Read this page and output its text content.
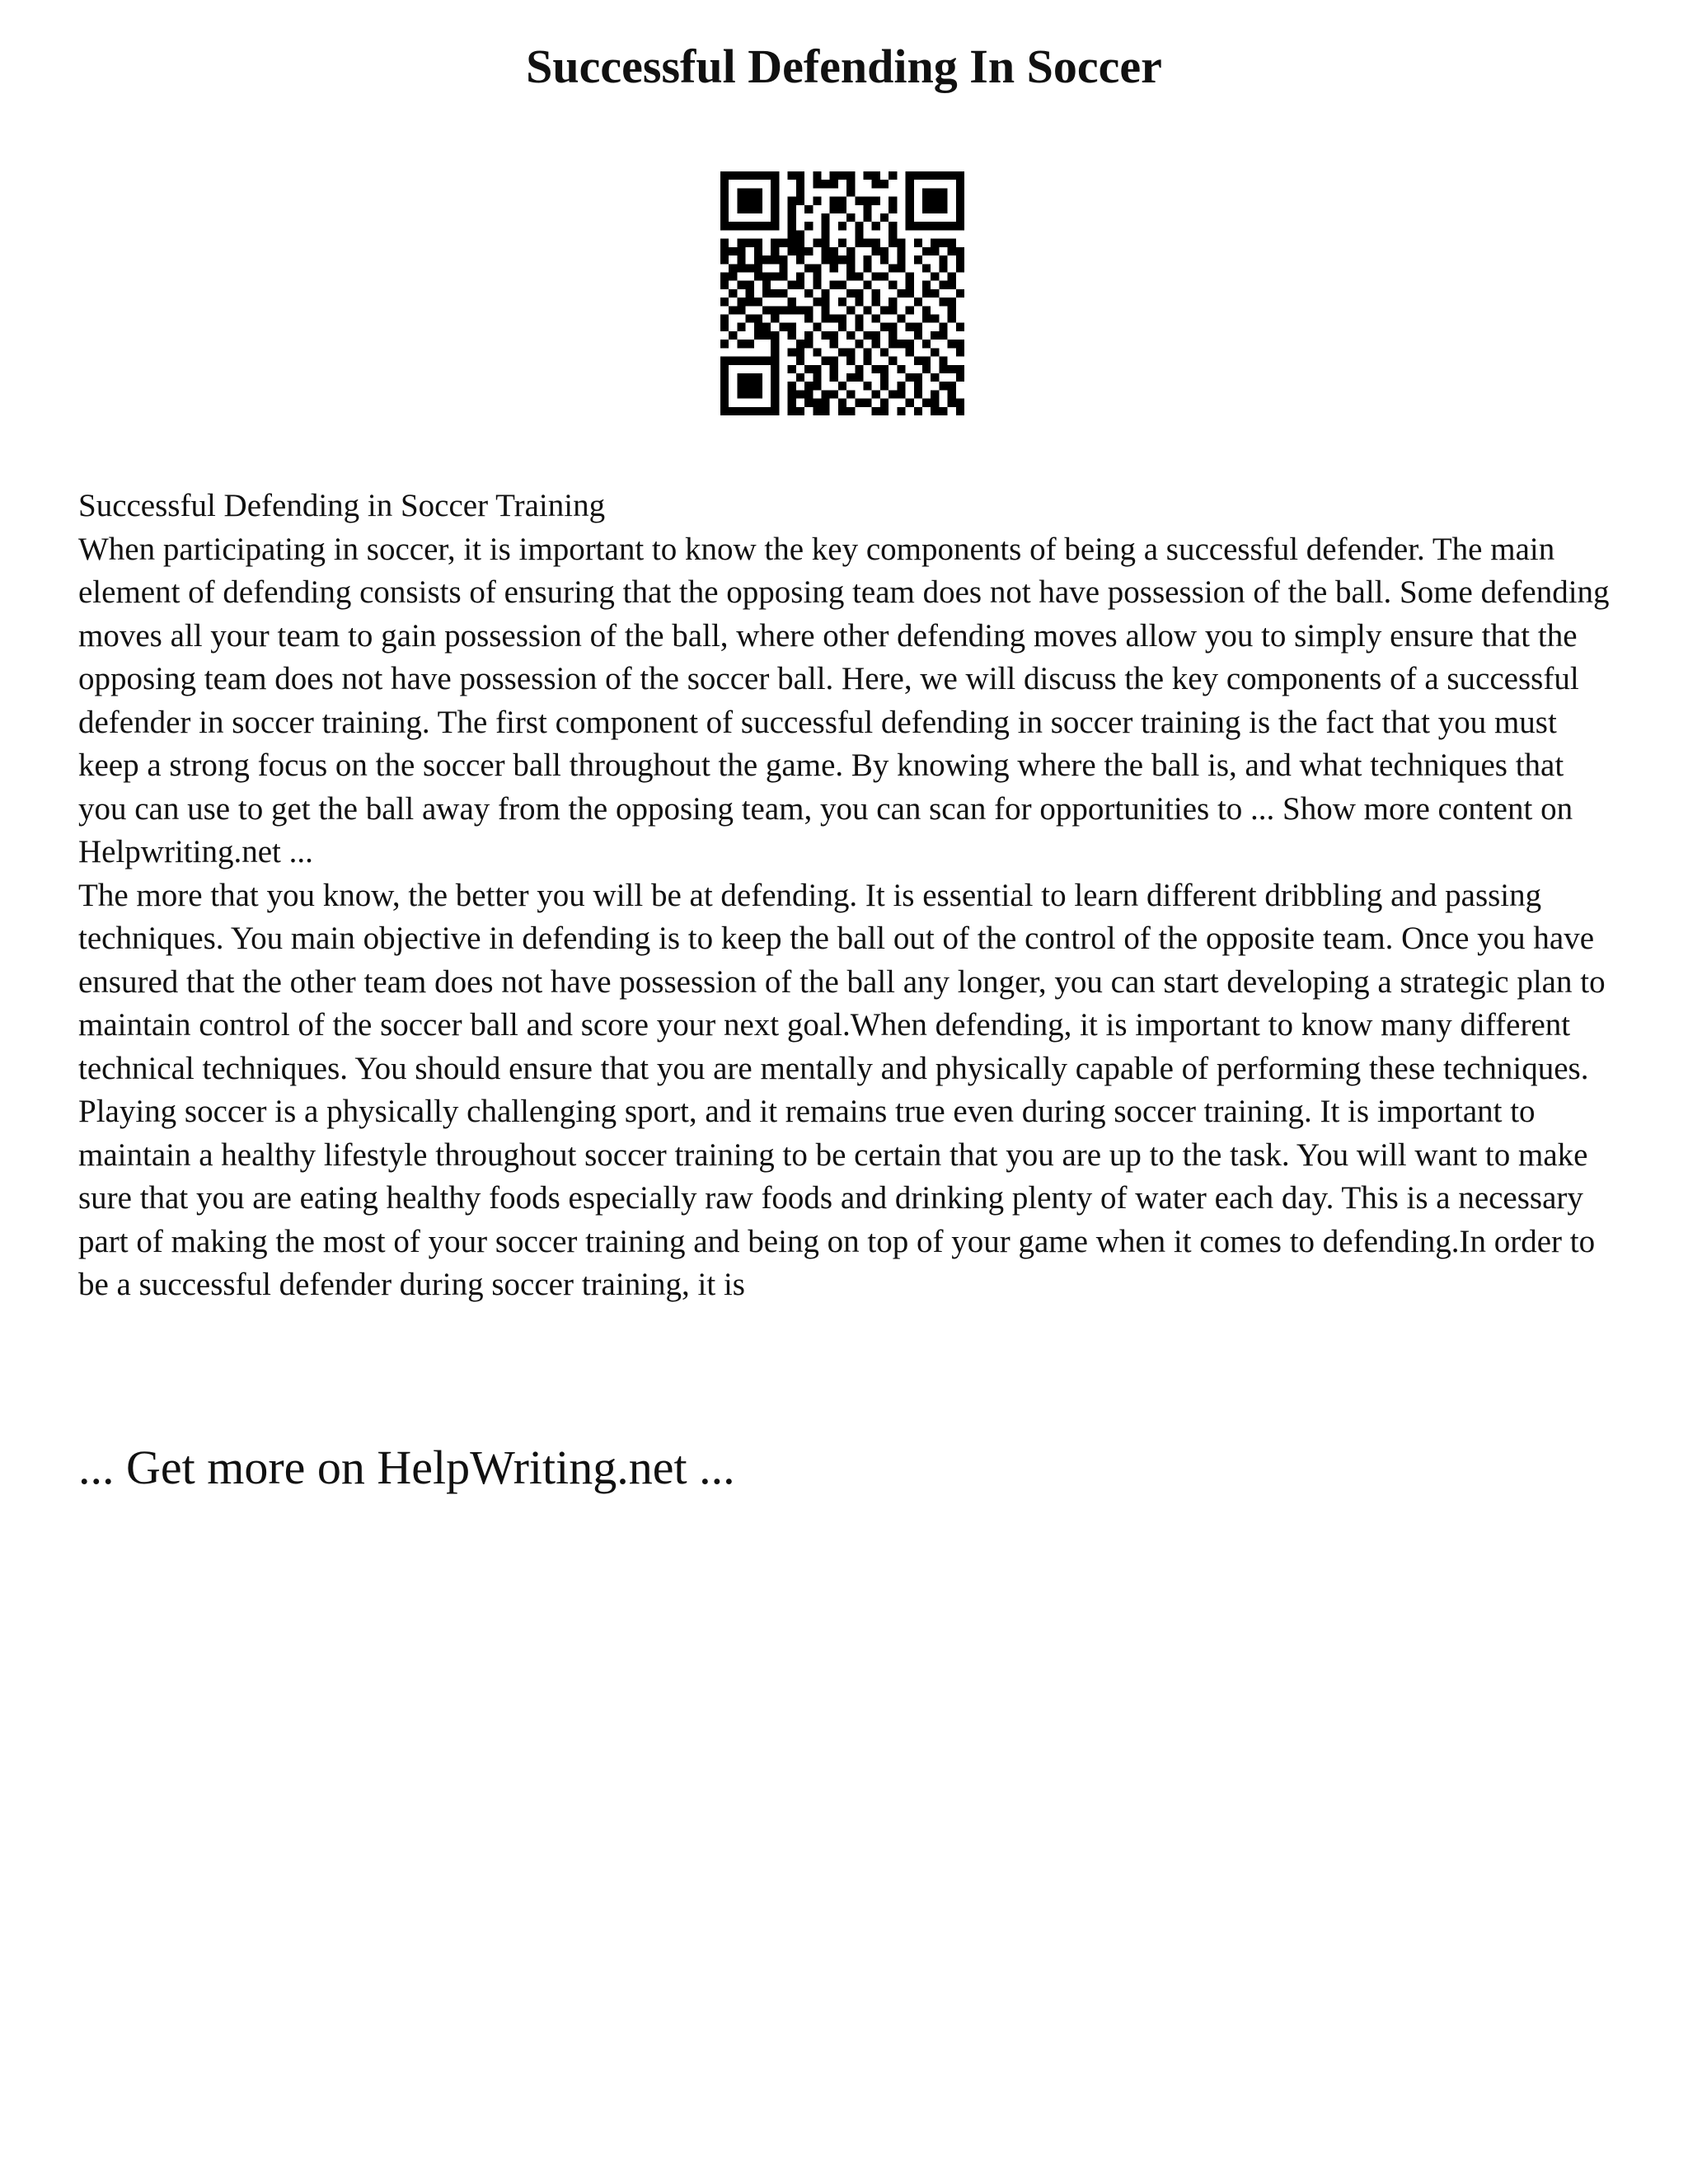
Successful Defending In Soccer

Successful Defending in Soccer Training

When participating in soccer, it is important to know the key components of being a successful defender. The main element of defending consists of ensuring that the opposing team does not have possession of the ball. Some defending moves all your team to gain possession of the ball, where other defending moves allow you to simply ensure that the opposing team does not have possession of the soccer ball. Here, we will discuss the key components of a successful defender in soccer training. The first component of successful defending in soccer training is the fact that you must keep a strong focus on the soccer ball throughout the game. By knowing where the ball is, and what techniques that you can use to get the ball away from the opposing team, you can scan for opportunities to ... Show more content on Helpwriting.net ...

The more that you know, the better you will be at defending. It is essential to learn different dribbling and passing techniques. You main objective in defending is to keep the ball out of the control of the opposite team. Once you have ensured that the other team does not have possession of the ball any longer, you can start developing a strategic plan to maintain control of the soccer ball and score your next goal.When defending, it is important to know many different technical techniques. You should ensure that you are mentally and physically capable of performing these techniques. Playing soccer is a physically challenging sport, and it remains true even during soccer training. It is important to maintain a healthy lifestyle throughout soccer training to be certain that you are up to the task. You will want to make sure that you are eating healthy foods especially raw foods and drinking plenty of water each day. This is a necessary part of making the most of your soccer training and being on top of your game when it comes to defending.In order to be a successful defender during soccer training, it is

... Get more on HelpWriting.net ...
